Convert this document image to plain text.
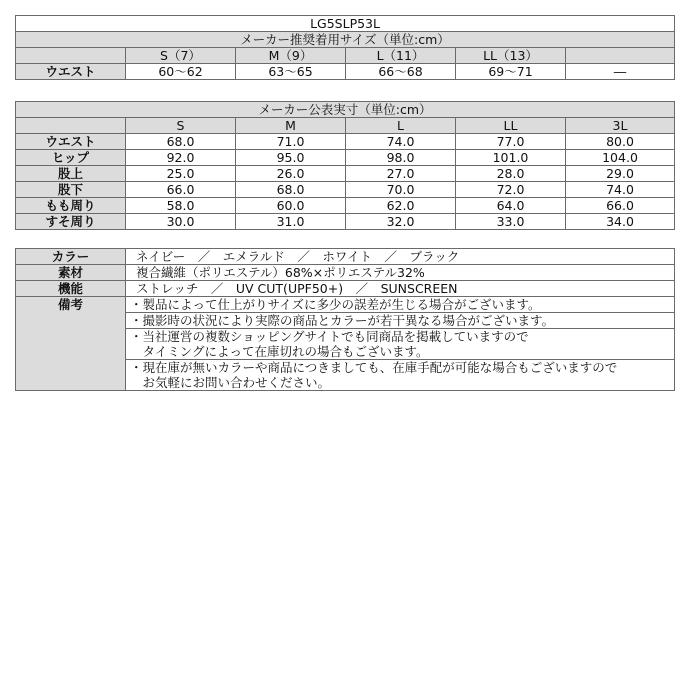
LG5SLP53L					
メーカー推奨着用サイズ（単位:cm）					
	S（7）	M（9）	L（11）	LL（13）	
ウエスト	60～62	63～65	66～68	69～71	―
メーカー公表実寸（単位:cm）					
	S	M	L	LL	3L
ウエスト	68.0	71.0	74.0	77.0	80.0
ヒップ	92.0	95.0	98.0	101.0	104.0
股上	25.0	26.0	27.0	28.0	29.0
股下	66.0	68.0	70.0	72.0	74.0
もも周り	58.0	60.0	62.0	64.0	66.0
すそ周り	30.0	31.0	32.0	33.0	34.0
カラー	ネイビー　／　エメラルド　／　ホワイト　／　ブラック
素材	複合繊維（ポリエステル）68%×ポリエステル32%
機能	ストレッチ　／　UV CUT(UPF50+)　／　SUNSCREEN
備考	・製品によって仕上がりサイズに多少の誤差が生じる場合がございます。
	・撮影時の状況により実際の商品とカラーが若干異なる場合がございます。

	・当社運営の複数ショッピングサイトでも同商品を掲載していますので
　タイミングによって在庫切れの場合もございます。

	・現在庫が無いカラーや商品につきましても、在庫手配が可能な場合もございますので
　お気軽にお問い合わせください。
